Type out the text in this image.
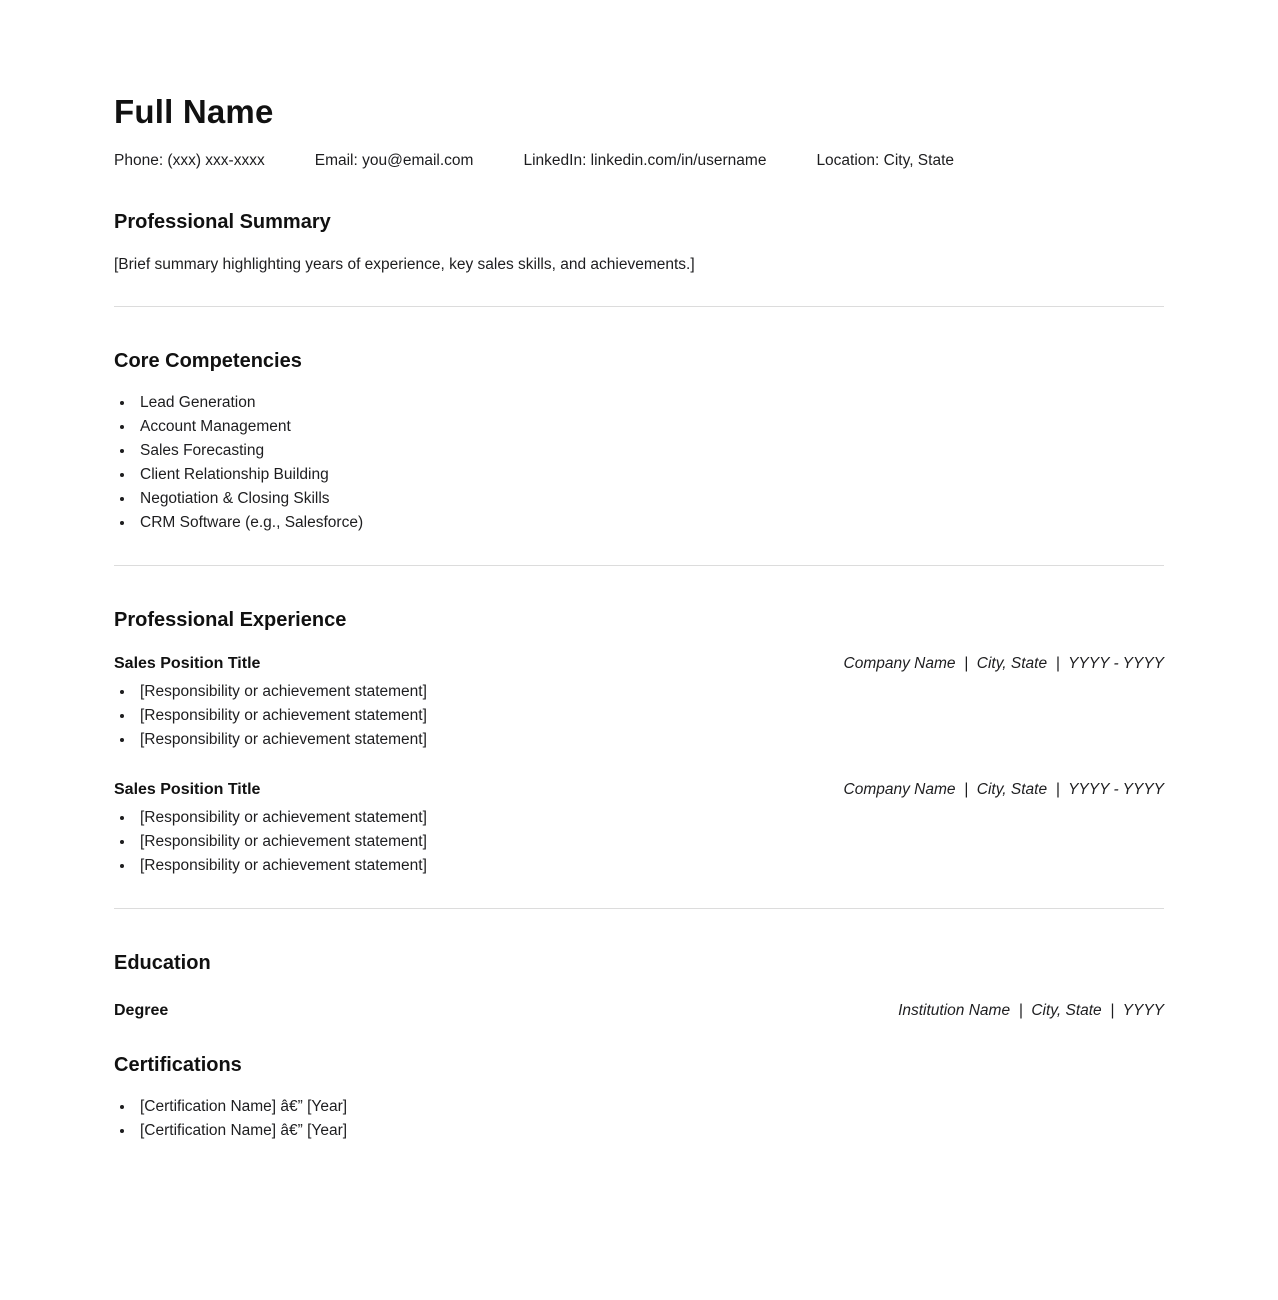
Full Name
Phone: (xxx) xxx-xxxx	Email: you@email.com	LinkedIn: linkedin.com/in/username	Location: City, State
Professional Summary

[Brief summary highlighting years of experience, key sales skills, and achievements.]

Core Competencies
• Lead Generation
• Account Management
• Sales Forecasting
• Client Relationship Building
• Negotiation & Closing Skills
• CRM Software (e.g., Salesforce)
Professional Experience
Sales Position Title	Company Name  |  City, State  |  YYYY - YYYY
• [Responsibility or achievement statement]
• [Responsibility or achievement statement]
• [Responsibility or achievement statement]
Sales Position Title	Company Name  |  City, State  |  YYYY - YYYY
• [Responsibility or achievement statement]
• [Responsibility or achievement statement]
• [Responsibility or achievement statement]
Education
Degree	Institution Name  |  City, State  |  YYYY
Certifications
• [Certification Name] â€” [Year]
• [Certification Name] â€” [Year]
